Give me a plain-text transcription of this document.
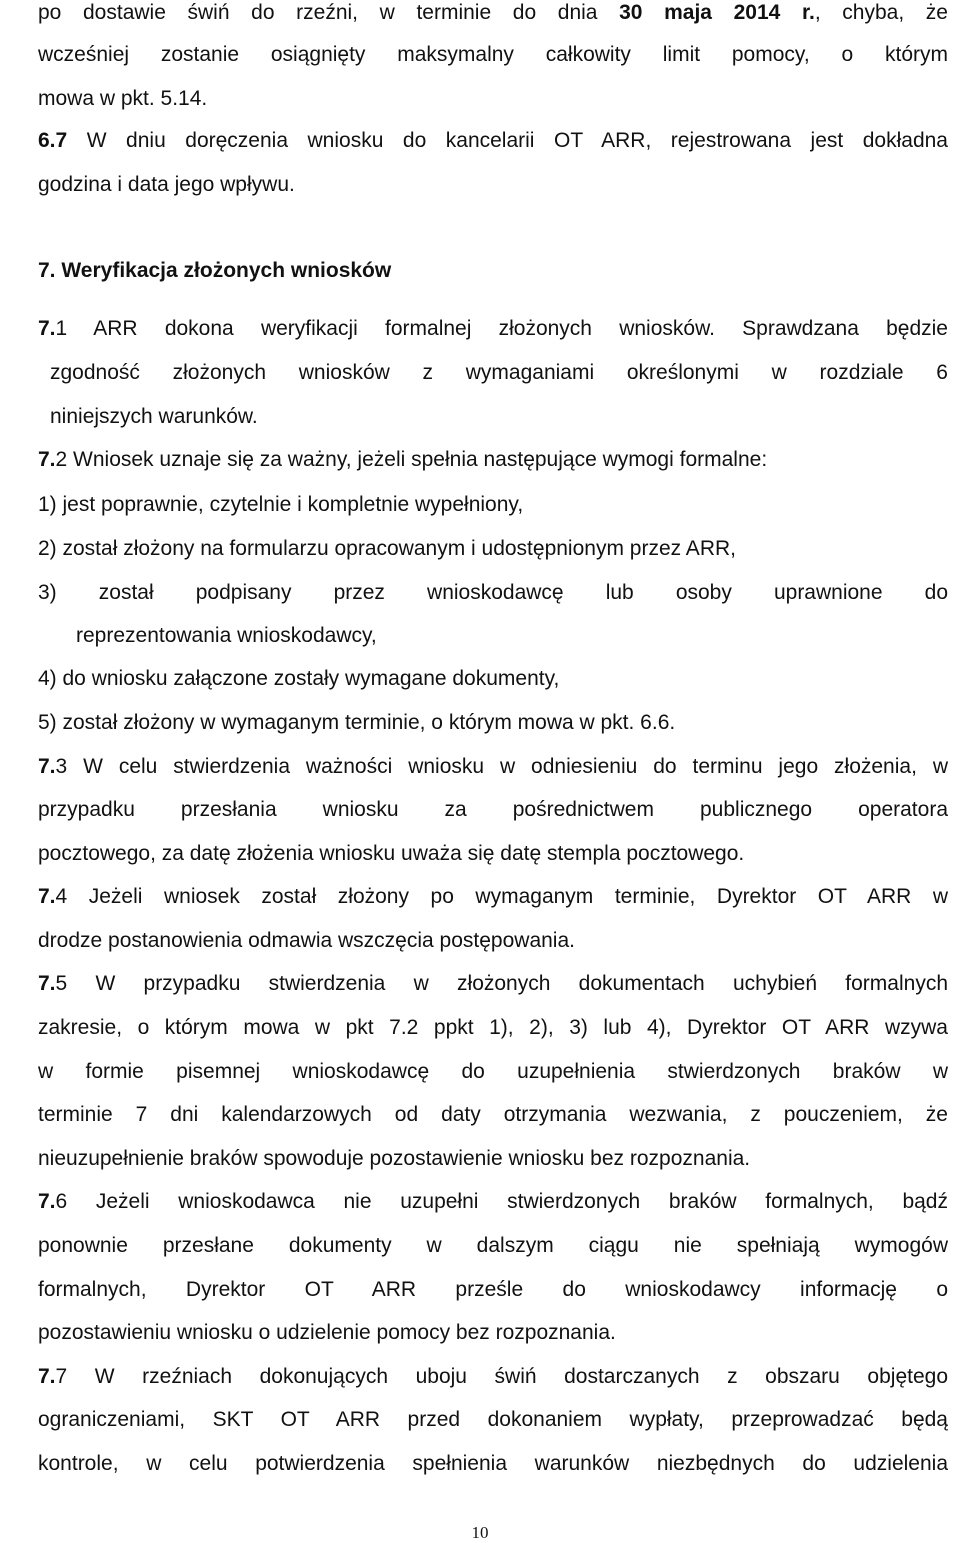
po dostawie świń do rzeźni, w terminie do dnia 30 maja 2014 r., chyba, że
wcześniej zostanie osiągnięty maksymalny całkowity limit pomocy, o którym
mowa w pkt. 5.14.
6.7 W dniu doręczenia wniosku do kancelarii OT ARR, rejestrowana jest dokładna
godzina i data jego wpływu.
7. Weryfikacja złożonych wniosków
7.1 ARR dokona weryfikacji formalnej złożonych wniosków. Sprawdzana będzie
zgodność złożonych wniosków z wymaganiami określonymi w rozdziale 6
niniejszych warunków.
7.2 Wniosek uznaje się za ważny, jeżeli spełnia następujące wymogi formalne:
1) jest poprawnie, czytelnie i kompletnie wypełniony,
2) został złożony na formularzu opracowanym i udostępnionym przez ARR,
3) został podpisany przez wnioskodawcę lub osoby uprawnione do
reprezentowania wnioskodawcy,
4) do wniosku załączone zostały wymagane dokumenty,
5) został złożony w wymaganym terminie, o którym mowa w pkt. 6.6.
7.3 W celu stwierdzenia ważności wniosku w odniesieniu do terminu jego złożenia, w
przypadku przesłania wniosku za pośrednictwem publicznego operatora
pocztowego, za datę złożenia wniosku uważa się datę stempla pocztowego.
7.4 Jeżeli wniosek został złożony po wymaganym terminie, Dyrektor OT ARR w
drodze postanowienia odmawia wszczęcia postępowania.
7.5 W przypadku stwierdzenia w złożonych dokumentach uchybień formalnych
zakresie, o którym mowa w pkt 7.2 ppkt 1), 2), 3) lub 4), Dyrektor OT ARR wzywa
w formie pisemnej wnioskodawcę do uzupełnienia stwierdzonych braków w
terminie 7 dni kalendarzowych od daty otrzymania wezwania, z pouczeniem, że
nieuzupełnienie braków spowoduje pozostawienie wniosku bez rozpoznania.
7.6 Jeżeli wnioskodawca nie uzupełni stwierdzonych braków formalnych, bądź
ponownie przesłane dokumenty w dalszym ciągu nie spełniają wymogów
formalnych, Dyrektor OT ARR prześle do wnioskodawcy informację o
pozostawieniu wniosku o udzielenie pomocy bez rozpoznania.
7.7 W rzeźniach dokonujących uboju świń dostarczanych z obszaru objętego
ograniczeniami, SKT OT ARR przed dokonaniem wypłaty, przeprowadzać będą
kontrole, w celu potwierdzenia spełnienia warunków niezbędnych do udzielenia
10
